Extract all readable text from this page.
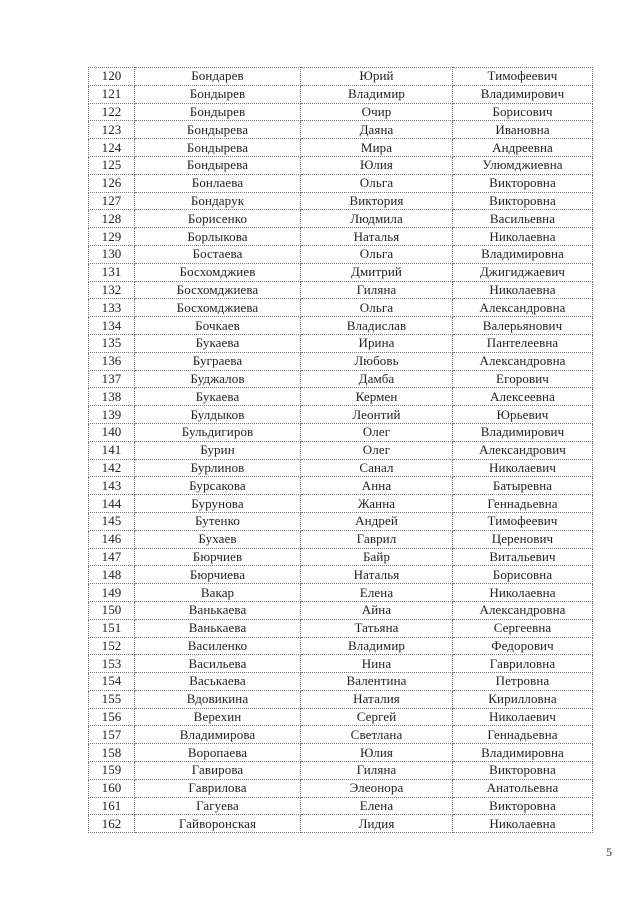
120	Бондарев	Юрий	Тимофеевич
121	Бондырев	Владимир	Владимирович
122	Бондырев	Очир	Борисович
123	Бондырева	Даяна	Ивановна
124	Бондырева	Мира	Андреевна
125	Бондырева	Юлия	Улюмджиевна
126	Бонлаева	Ольга	Викторовна
127	Бондарук	Виктория	Викторовна
128	Борисенко	Людмила	Васильевна
129	Борлыкова	Наталья	Николаевна
130	Бостаева	Ольга	Владимировна
131	Босхомджиев	Дмитрий	Джигиджаевич
132	Босхомджиева	Гиляна	Николаевна
133	Босхомджиева	Ольга	Александровна
134	Бочкаев	Владислав	Валерьянович
135	Букаева	Ирина	Пантелеевна
136	Буграева	Любовь	Александровна
137	Буджалов	Дамба	Егорович
138	Букаева	Кермен	Алексеевна
139	Булдыков	Леонтий	Юрьевич
140	Бульдигиров	Олег	Владимирович
141	Бурин	Олег	Александрович
142	Бурлинов	Санал	Николаевич
143	Бурсакова	Анна	Батыревна
144	Бурунова	Жанна	Геннадьевна
145	Бутенко	Андрей	Тимофеевич
146	Бухаев	Гаврил	Церенович
147	Бюрчиев	Байр	Витальевич
148	Бюрчиева	Наталья	Борисовна
149	Вакар	Елена	Николаевна
150	Ванькаева	Айна	Александровна
151	Ванькаева	Татьяна	Сергеевна
152	Василенко	Владимир	Федорович
153	Васильева	Нина	Гавриловна
154	Васькаева	Валентина	Петровна
155	Вдовикина	Наталия	Кирилловна
156	Верехин	Сергей	Николаевич
157	Владимирова	Светлана	Геннадьевна
158	Воропаева	Юлия	Владимировна
159	Гавирова	Гиляна	Викторовна
160	Гаврилова	Элеонора	Анатольевна
161	Гагуева	Елена	Викторовна
162	Гайворонская	Лидия	Николаевна
5
